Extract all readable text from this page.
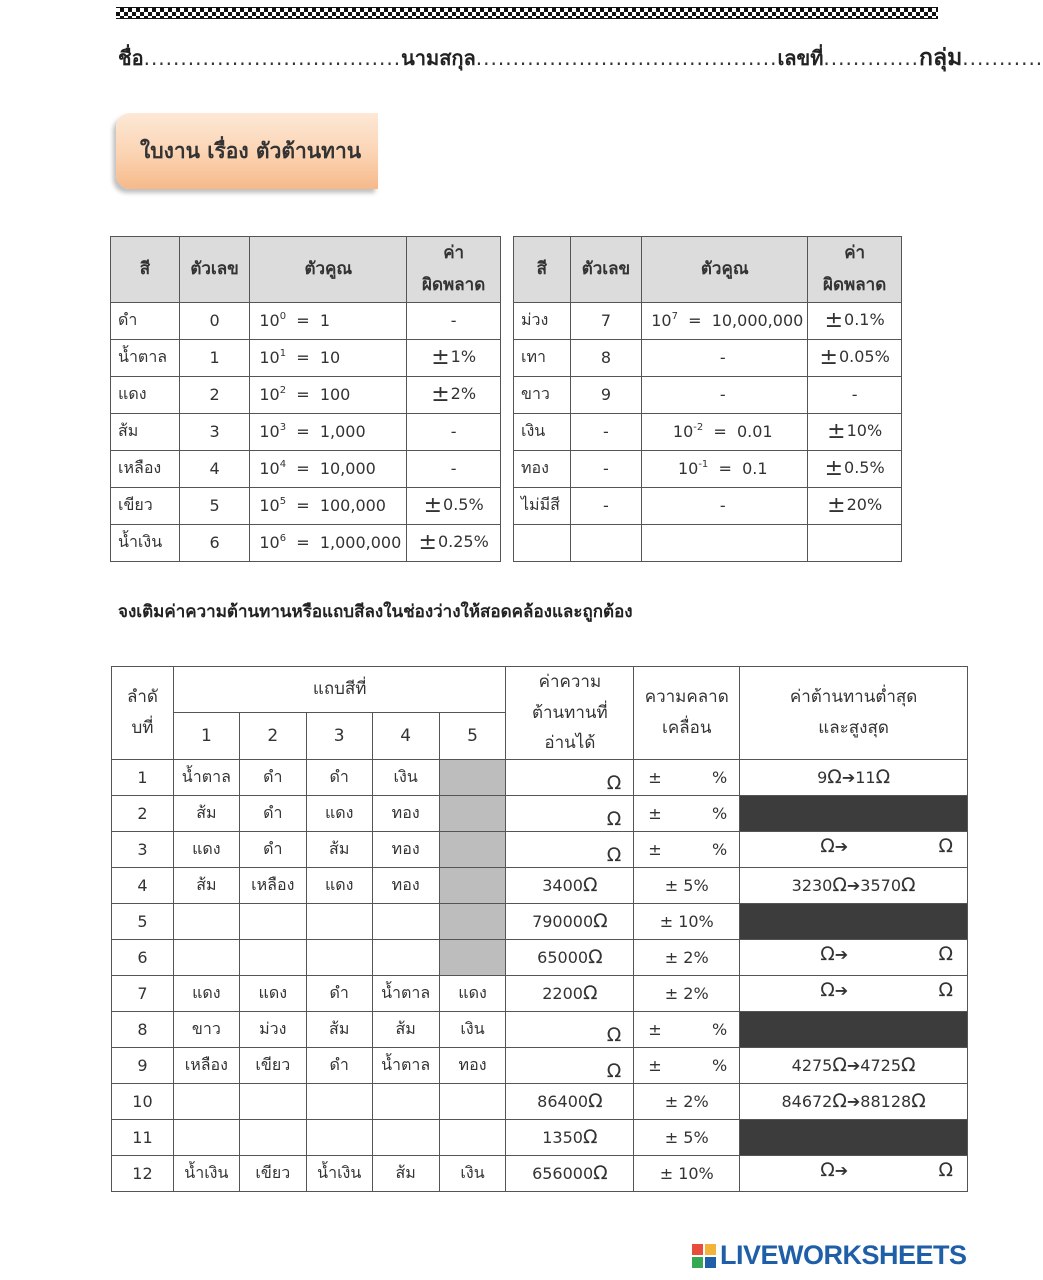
ชื่อ...................................นามสกุล.........................................เลขที่.............กลุ่ม...........
ใบงาน เรื่อง ตัวต้านทาน
สี	ตัวเลข	ตัวคูณ	ค่า
ผิดพลาด
ดำ	0	$10^0 = 1$	-
น้ำตาล	1	$10^1 = 10$	±1%
แดง	2	$10^2 = 100$	±2%
ส้ม	3	$10^3 = 1,000$	-
เหลือง	4	$10^4 = 10,000$	-
เขียว	5	$10^5 = 100,000$	±0.5%
น้ำเงิน	6	$10^6 = 1,000,000$	±0.25%
สี	ตัวเลข	ตัวคูณ	ค่า
ผิดพลาด
ม่วง	7	$10^7 = 10,000,000$	±0.1%
เทา	8	-	±0.05%
ขาว	9	-	-
เงิน	-	$10^{-2} = 0.01$	±10%
ทอง	-	$10^{-1} = 0.1$	±0.5%
ไม่มีสี	-	-	±20%

จงเติมค่าความต้านทานหรือแถบสีลงในช่องว่างให้สอดคล้องและถูกต้อง
ลำดั
บที่	แถบสีที่					ค่าความ
ต้านทานที่
อ่านได้	ความคลาด
เคลื่อน	ค่าต้านทานต่ำสุด
และสูงสุด
	1	2	3	4	5			
1	น้ำตาล	ดำ	ดำ	เงิน		Ω	± %	9Ω➔11Ω
2	ส้ม	ดำ	แดง	ทอง		Ω	± %	

3	แดง	ดำ	ส้ม	ทอง		Ω	± %	Ω➔ Ω

4	ส้ม	เหลือง	แดง	ทอง		3400Ω	± 5%	3230Ω➔3570Ω
5						790000Ω	± 10%	
6						65000Ω	± 2%	Ω➔ Ω

7	แดง	แดง	ดำ	น้ำตาล	แดง	2200Ω	± 2%	Ω➔ Ω

8	ขาว	ม่วง	ส้ม	ส้ม	เงิน	Ω	± %	

9	เหลือง	เขียว	ดำ	น้ำตาล	ทอง	Ω	± %	4275Ω➔4725Ω
10						86400Ω	± 2%	84672Ω➔88128Ω
11						1350Ω	± 5%	
12	น้ำเงิน	เขียว	น้ำเงิน	ส้ม	เงิน	656000Ω	± 10%	Ω➔ Ω
LIVEWORKSHEETS
